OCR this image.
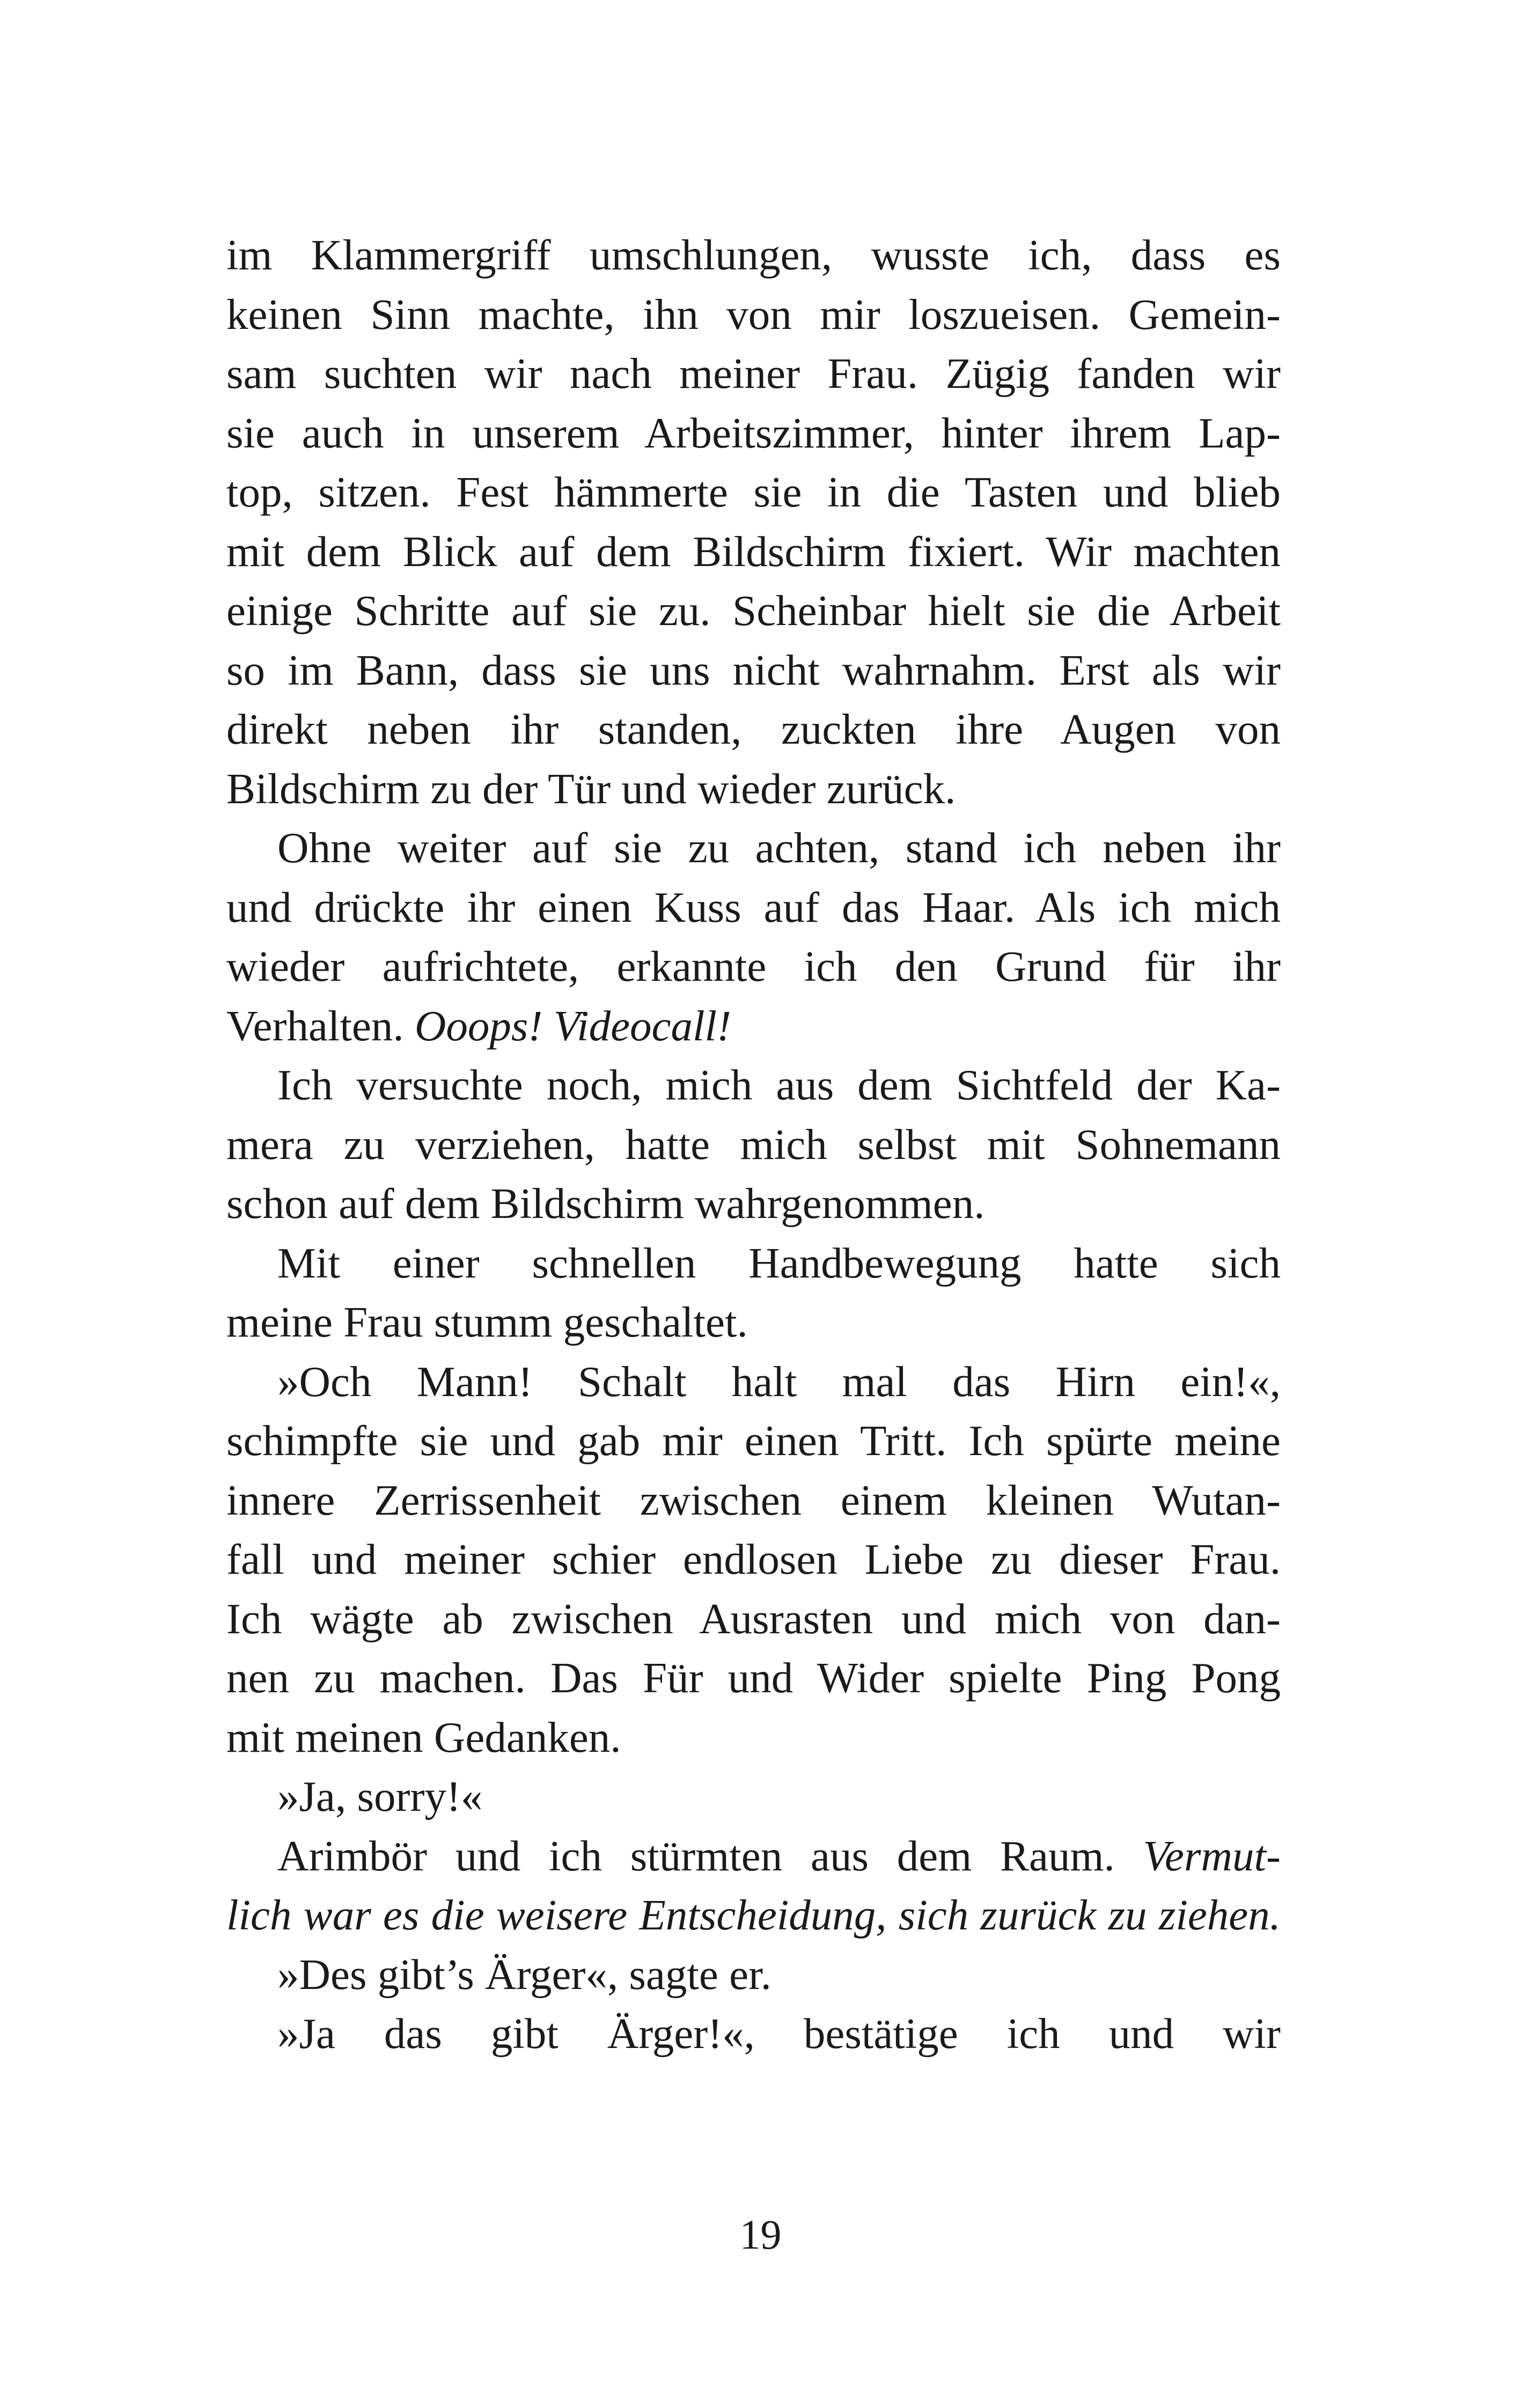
im Klammergriff umschlungen, wusste ich, dass es
keinen Sinn machte, ihn von mir loszueisen. Gemein-
sam suchten wir nach meiner Frau. Zügig fanden wir
sie auch in unserem Arbeitszimmer, hinter ihrem Lap-
top, sitzen. Fest hämmerte sie in die Tasten und blieb
mit dem Blick auf dem Bildschirm fixiert. Wir machten
einige Schritte auf sie zu. Scheinbar hielt sie die Arbeit
so im Bann, dass sie uns nicht wahrnahm. Erst als wir
direkt neben ihr standen, zuckten ihre Augen von
Bildschirm zu der Tür und wieder zurück.
Ohne weiter auf sie zu achten, stand ich neben ihr
und drückte ihr einen Kuss auf das Haar. Als ich mich
wieder aufrichtete, erkannte ich den Grund für ihr
Verhalten. Ooops! Videocall!
Ich versuchte noch, mich aus dem Sichtfeld der Ka-
mera zu verziehen, hatte mich selbst mit Sohnemann
schon auf dem Bildschirm wahrgenommen.
Mit einer schnellen Handbewegung hatte sich
meine Frau stumm geschaltet.
»Och Mann! Schalt halt mal das Hirn ein!«,
schimpfte sie und gab mir einen Tritt. Ich spürte meine
innere Zerrissenheit zwischen einem kleinen Wutan-
fall und meiner schier endlosen Liebe zu dieser Frau.
Ich wägte ab zwischen Ausrasten und mich von dan-
nen zu machen. Das Für und Wider spielte Ping Pong
mit meinen Gedanken.
»Ja, sorry!«
Arimbör und ich stürmten aus dem Raum. Vermut-
lich war es die weisere Entscheidung, sich zurück zu ziehen.
»Des gibt’s Ärger«, sagte er.
»Ja das gibt Ärger!«, bestätige ich und wir
19
